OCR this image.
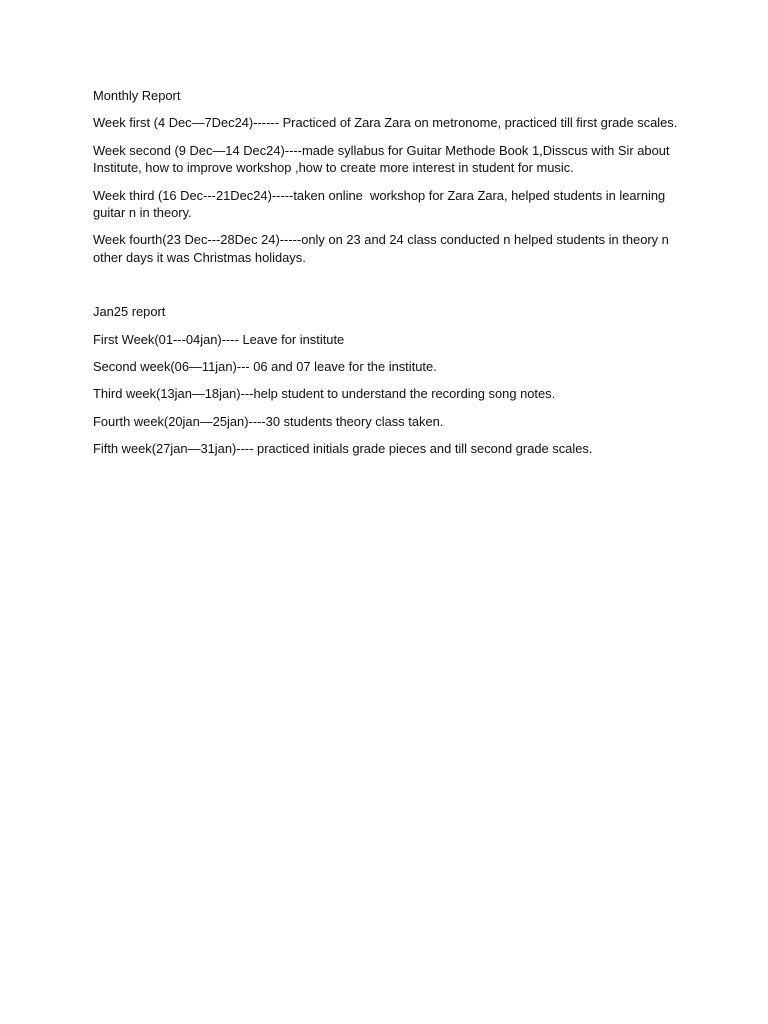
Monthly Report

Week first (4 Dec—7Dec24)------ Practiced of Zara Zara on metronome, practiced till first grade scales.

Week second (9 Dec—14 Dec24)----made syllabus for Guitar Methode Book 1,Disscus with Sir about Institute, how to improve workshop ,how to create more interest in student for music.

Week third (16 Dec---21Dec24)-----taken online  workshop for Zara Zara, helped students in learning guitar n in theory.

Week fourth(23 Dec---28Dec 24)-----only on 23 and 24 class conducted n helped students in theory n other days it was Christmas holidays.

Jan25 report

First Week(01---04jan)---- Leave for institute

Second week(06—11jan)--- 06 and 07 leave for the institute.

Third week(13jan—18jan)---help student to understand the recording song notes.

Fourth week(20jan—25jan)----30 students theory class taken.

Fifth week(27jan—31jan)---- practiced initials grade pieces and till second grade scales.
